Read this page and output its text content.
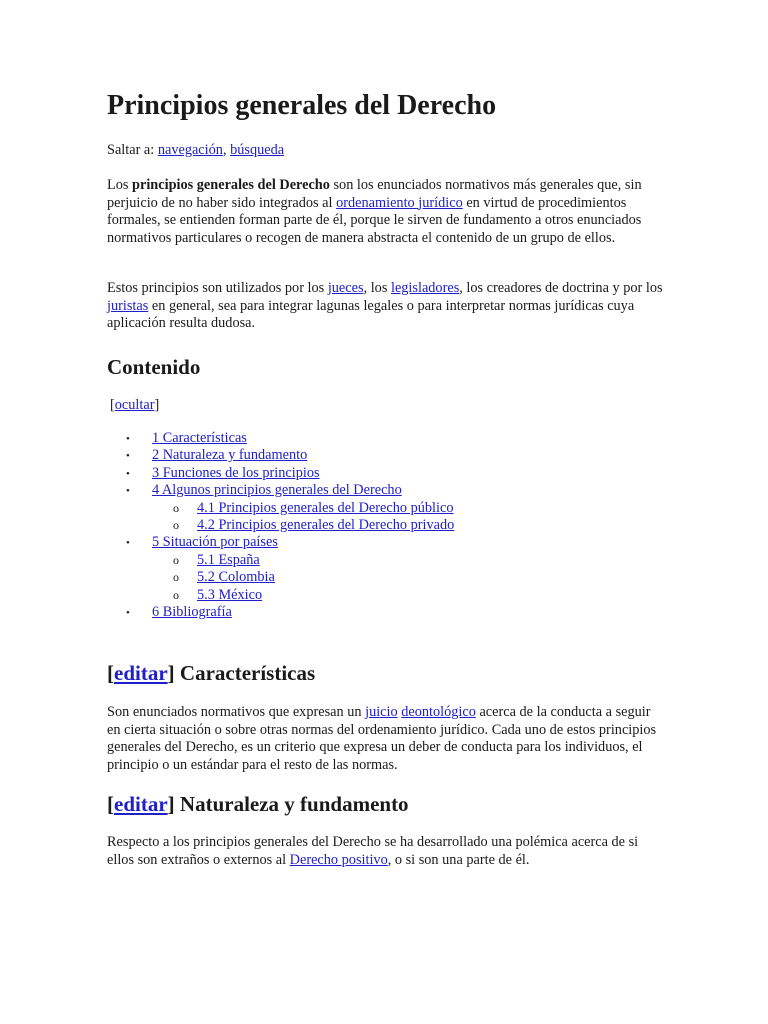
Principios generales del Derecho

Saltar a: navegación, búsqueda

Los principios generales del Derecho son los enunciados normativos más generales que, sin perjuicio de no haber sido integrados al ordenamiento jurídico en virtud de procedimientos formales, se entienden forman parte de él, porque le sirven de fundamento a otros enunciados normativos particulares o recogen de manera abstracta el contenido de un grupo de ellos.

Estos principios son utilizados por los jueces, los legisladores, los creadores de doctrina y por los juristas en general, sea para integrar lagunas legales o para interpretar normas jurídicas cuya aplicación resulta dudosa.

Contenido

[ocultar]

• 1 Características
• 2 Naturaleza y fundamento
• 3 Funciones de los principios
• 4 Algunos principios generales del Derecho
o 4.1 Principios generales del Derecho público
o 4.2 Principios generales del Derecho privado
• 5 Situación por países
o 5.1 España
o 5.2 Colombia
o 5.3 México
• 6 Bibliografía
[editar] Características

Son enunciados normativos que expresan un juicio deontológico acerca de la conducta a seguir en cierta situación o sobre otras normas del ordenamiento jurídico. Cada uno de estos principios generales del Derecho, es un criterio que expresa un deber de conducta para los individuos, el principio o un estándar para el resto de las normas.

[editar] Naturaleza y fundamento

Respecto a los principios generales del Derecho se ha desarrollado una polémica acerca de si ellos son extraños o externos al Derecho positivo, o si son una parte de él.
